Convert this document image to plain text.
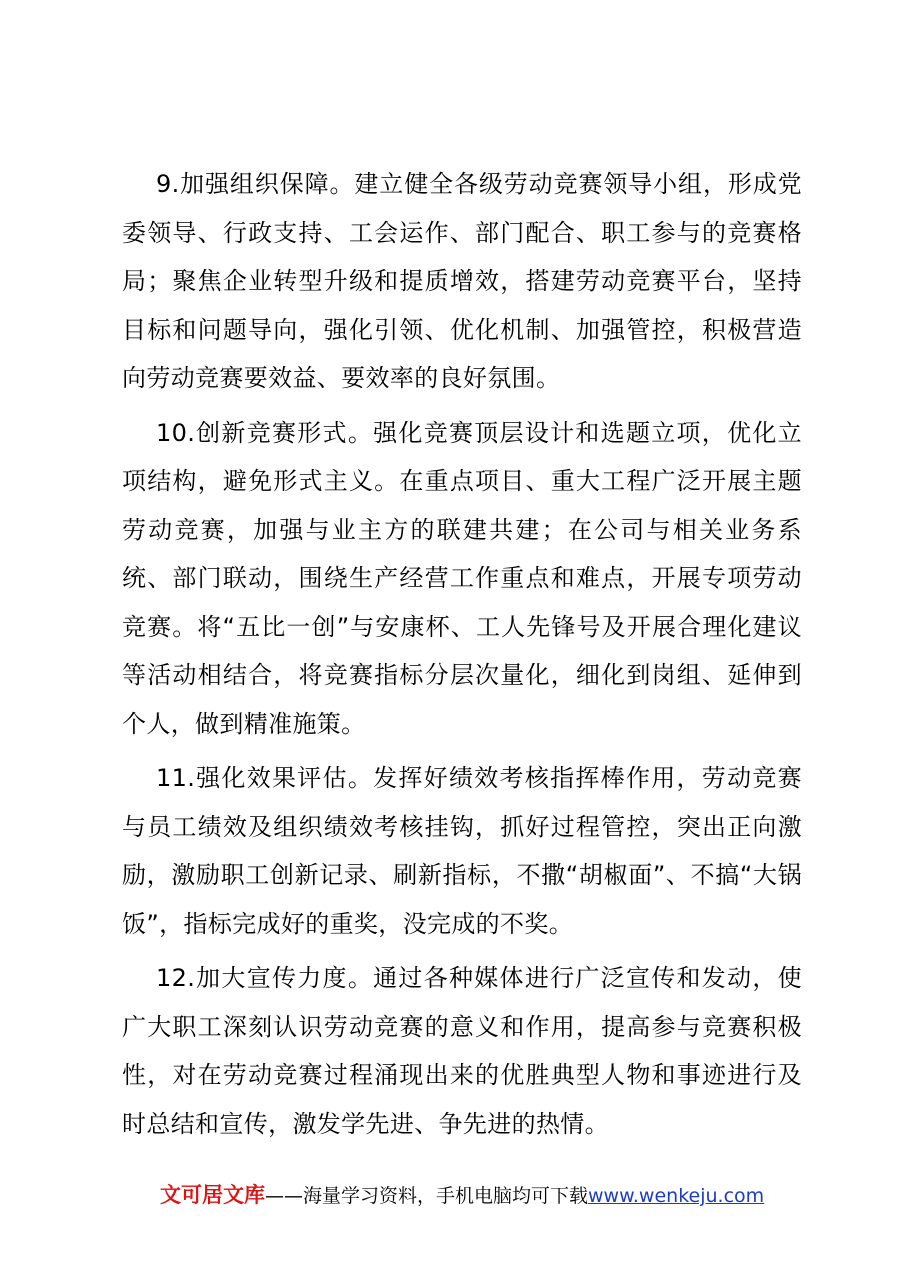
9.加强组织保障。建立健全各级劳动竞赛领导小组，形成党委领导、行政支持、工会运作、部门配合、职工参与的竞赛格局；聚焦企业转型升级和提质增效，搭建劳动竞赛平台，坚持目标和问题导向，强化引领、优化机制、加强管控，积极营造向劳动竞赛要效益、要效率的良好氛围。

10.创新竞赛形式。强化竞赛顶层设计和选题立项，优化立项结构，避免形式主义。在重点项目、重大工程广泛开展主题劳动竞赛，加强与业主方的联建共建；在公司与相关业务系统、部门联动，围绕生产经营工作重点和难点，开展专项劳动竞赛。将“五比一创”与安康杯、工人先锋号及开展合理化建议等活动相结合，将竞赛指标分层次量化，细化到岗组、延伸到个人，做到精准施策。

11.强化效果评估。发挥好绩效考核指挥棒作用，劳动竞赛与员工绩效及组织绩效考核挂钩，抓好过程管控，突出正向激励，激励职工创新记录、刷新指标，不撒“胡椒面”、不搞“大锅饭”，指标完成好的重奖，没完成的不奖。

12.加大宣传力度。通过各种媒体进行广泛宣传和发动，使广大职工深刻认识劳动竞赛的意义和作用，提高参与竞赛积极性，对在劳动竞赛过程涌现出来的优胜典型人物和事迹进行及时总结和宣传，激发学先进、争先进的热情。

文可居文库——海量学习资料，手机电脑均可下载www.wenkeju.com
